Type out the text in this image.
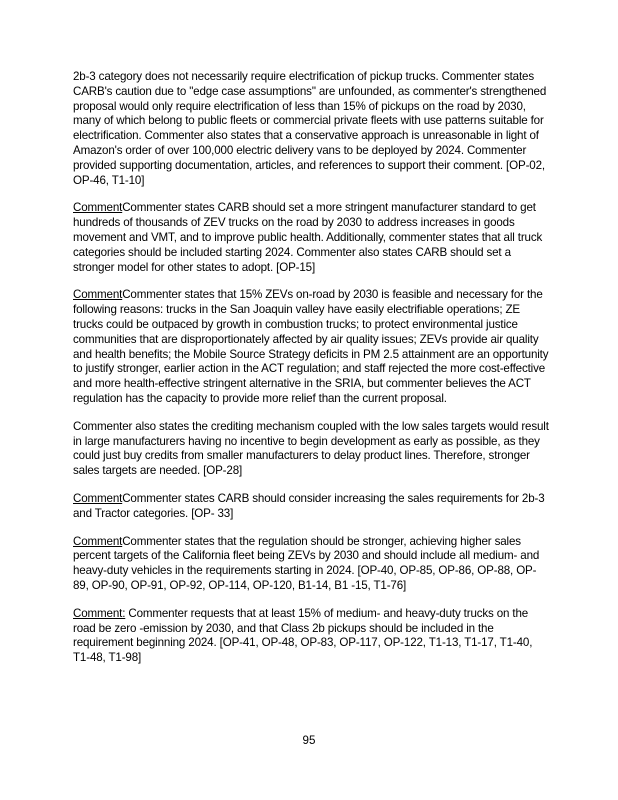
2b-3 category does not necessarily require electrification of pickup trucks. Commenter states CARB's caution due to "edge case assumptions" are unfounded, as commenter's strengthened proposal would only require electrification of less than 15% of pickups on the road by 2030, many of which belong to public fleets or commercial private fleets with use patterns suitable for electrification. Commenter also states that a conservative approach is unreasonable in light of Amazon's order of over 100,000 electric delivery vans to be deployed by 2024. Commenter provided supporting documentation, articles, and references to support their comment. [OP-02, OP-46, T1-10]

CommentCommenter states CARB should set a more stringent manufacturer standard to get hundreds of thousands of ZEV trucks on the road by 2030 to address increases in goods movement and VMT, and to improve public health. Additionally, commenter states that all truck categories should be included starting 2024. Commenter also states CARB should set a stronger model for other states to adopt. [OP-15]

CommentCommenter states that 15% ZEVs on-road by 2030 is feasible and necessary for the following reasons: trucks in the San Joaquin valley have easily electrifiable operations; ZE trucks could be outpaced by growth in combustion trucks; to protect environmental justice communities that are disproportionately affected by air quality issues; ZEVs provide air quality and health benefits; the Mobile Source Strategy deficits in PM 2.5 attainment are an opportunity to justify stronger, earlier action in the ACT regulation; and staff rejected the more cost-effective and more health-effective stringent alternative in the SRIA, but commenter believes the ACT regulation has the capacity to provide more relief than the current proposal.

Commenter also states the crediting mechanism coupled with the low sales targets would result in large manufacturers having no incentive to begin development as early as possible, as they could just buy credits from smaller manufacturers to delay product lines. Therefore, stronger sales targets are needed. [OP-28]

CommentCommenter states CARB should consider increasing the sales requirements for 2b-3 and Tractor categories. [OP- 33]

CommentCommenter states that the regulation should be stronger, achieving higher sales percent targets of the California fleet being ZEVs by 2030 and should include all medium- and heavy-duty vehicles in the requirements starting in 2024. [OP-40, OP-85, OP-86, OP-88, OP-89, OP-90, OP-91, OP-92, OP-114, OP-120, B1-14, B1 -15, T1-76]

Comment: Commenter requests that at least 15% of medium- and heavy-duty trucks on the road be zero -emission by 2030, and that Class 2b pickups should be included in the requirement beginning 2024. [OP-41, OP-48, OP-83, OP-117, OP-122, T1-13, T1-17, T1-40, T1-48, T1-98]

95
